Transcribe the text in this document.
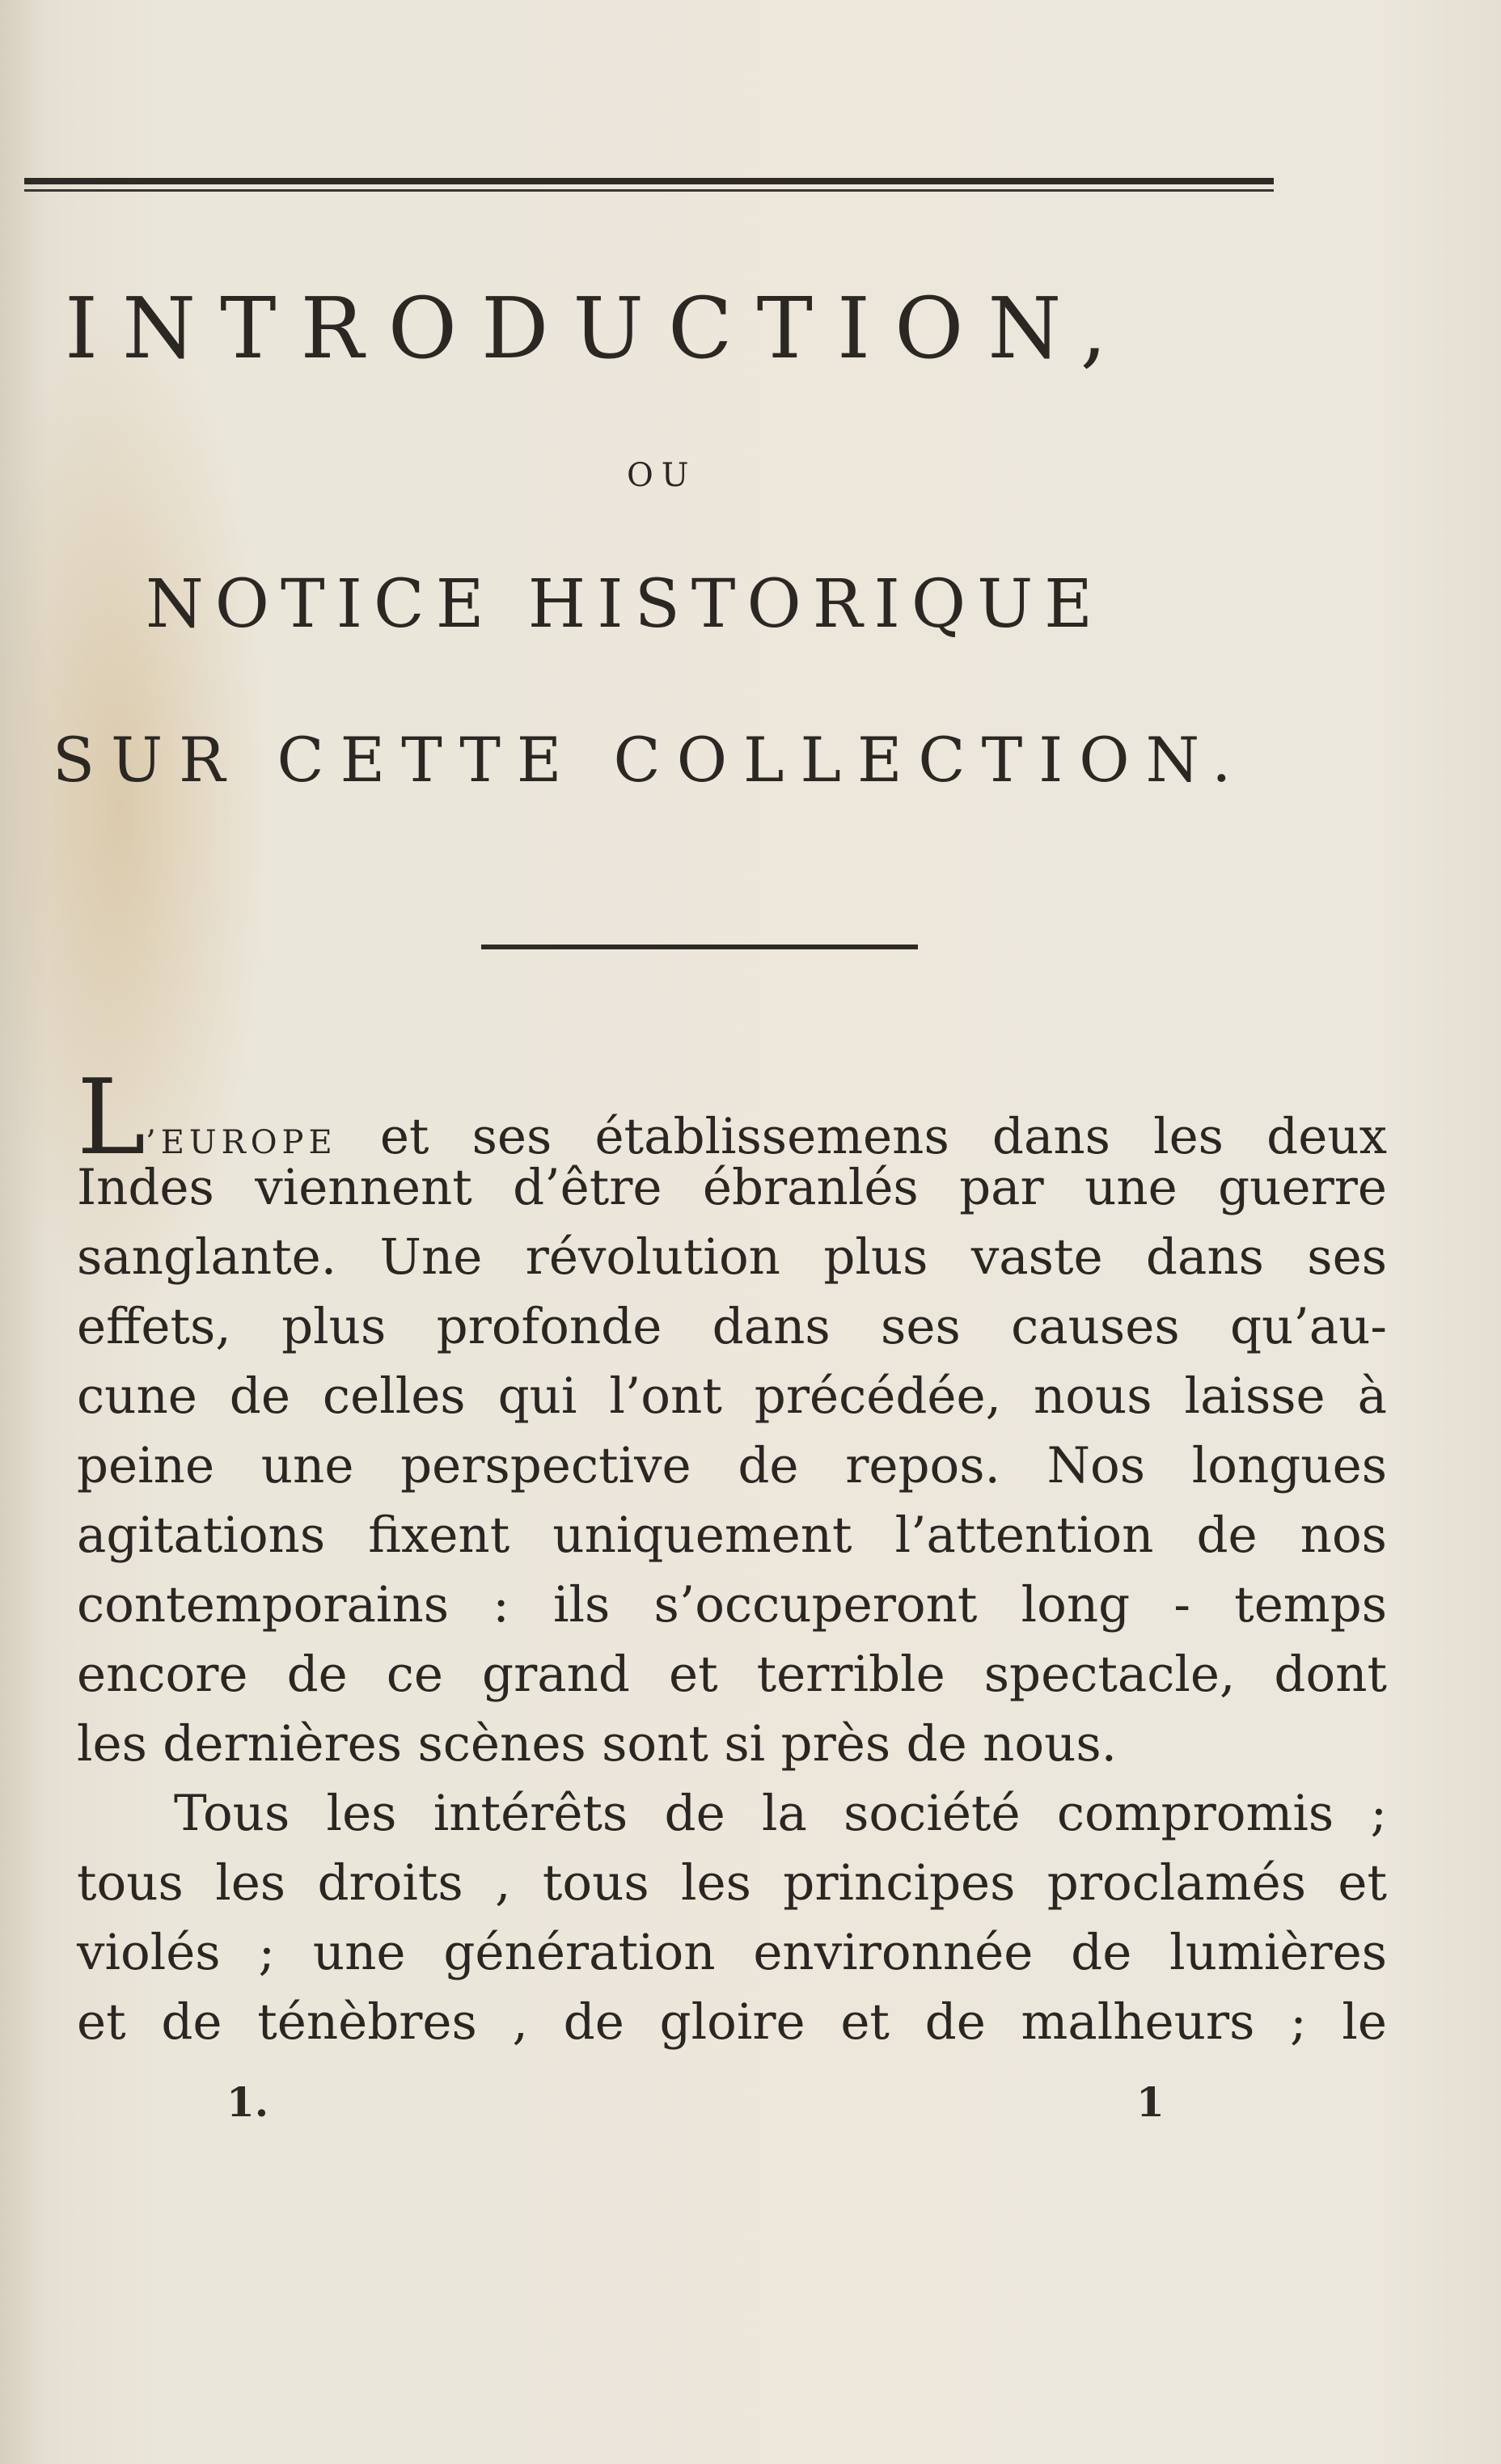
INTRODUCTION,
OU
NOTICE HISTORIQUE
SUR CETTE COLLECTION.
L’EUROPE et ses établissemens dans les deux
Indes viennent d’être ébranlés par une guerre
sanglante. Une révolution plus vaste dans ses
effets, plus profonde dans ses causes qu’au-
cune de celles qui l’ont précédée, nous laisse à
peine une perspective de repos. Nos longues
agitations fixent uniquement l’attention de nos
contemporains : ils s’occuperont long - temps
encore de ce grand et terrible spectacle, dont
les dernières scènes sont si près de nous.
Tous les intérêts de la société compromis ;
tous les droits , tous les principes proclamés et
violés ; une génération environnée de lumières
et de ténèbres , de gloire et de malheurs ; le
1.	1
